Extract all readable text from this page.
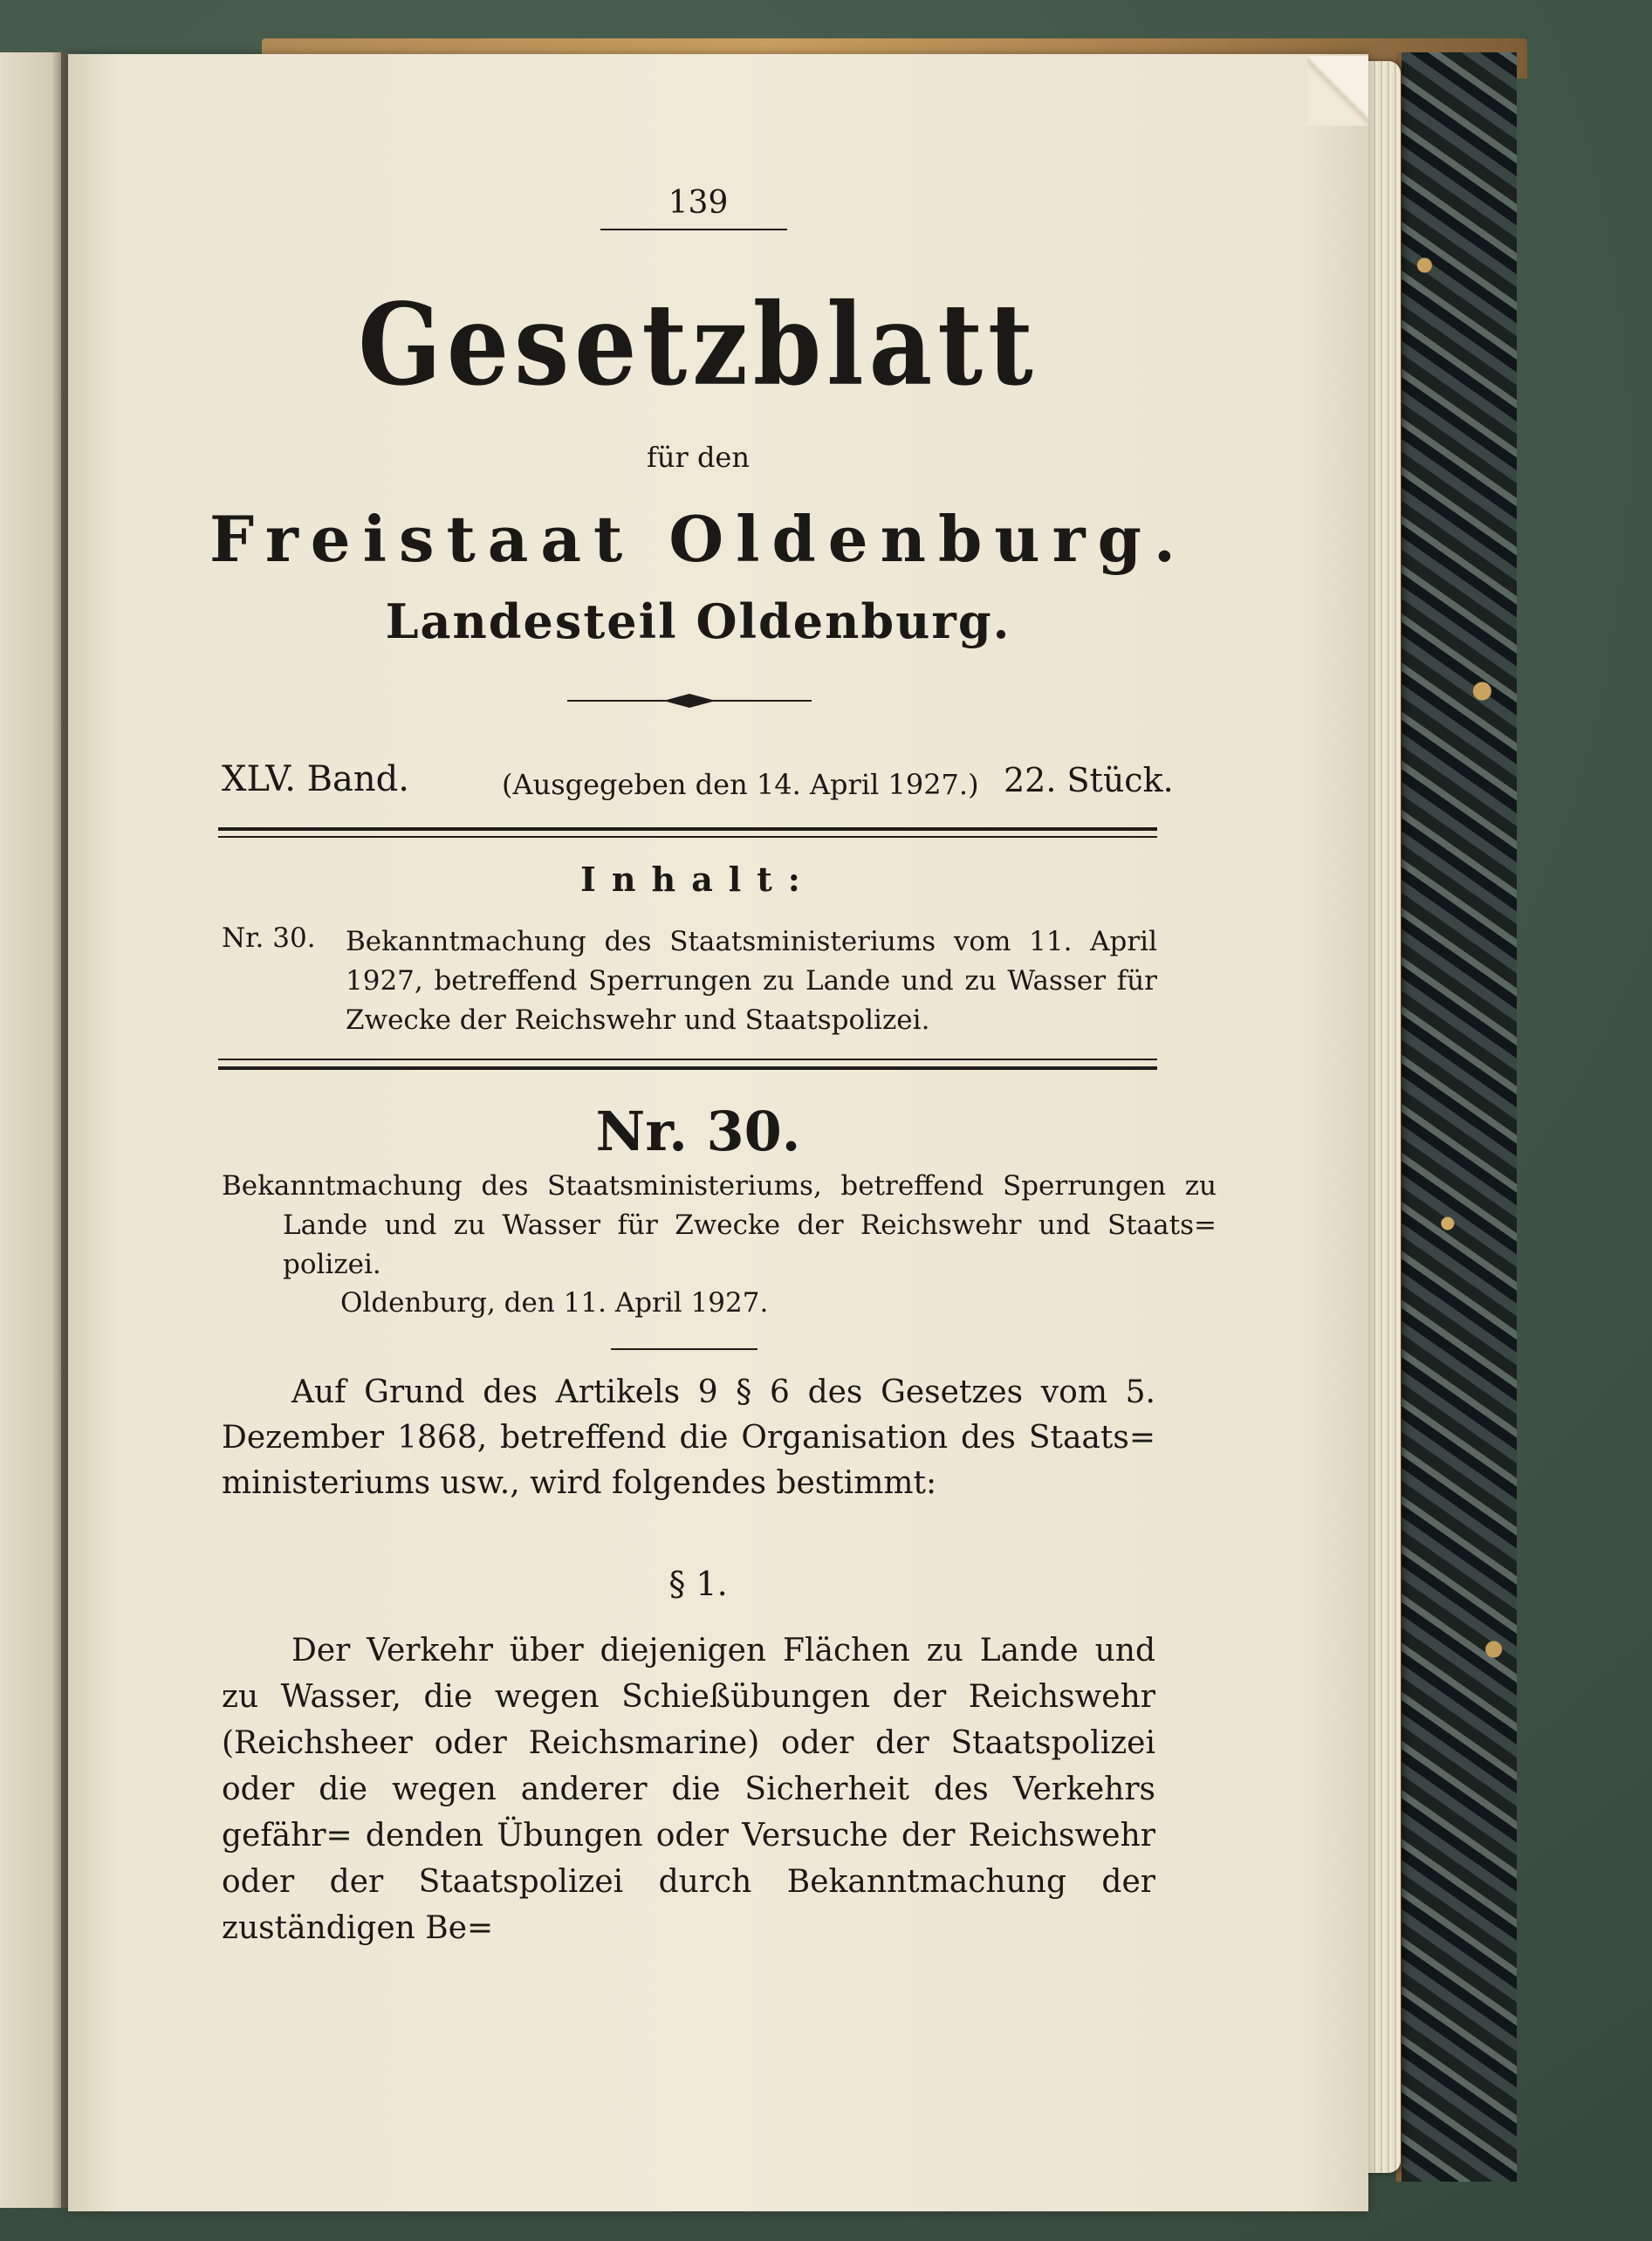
139
Gesetzblatt
für den
Freistaat Oldenburg.
Landesteil Oldenburg.
XLV. Band.	(Ausgegeben den 14. April 1927.) 22. Stück.
Inhalt:
Nr. 30. Bekanntmachung des Staatsministeriums vom 11. April 1927, betreffend Sperrungen zu Lande und zu Wasser für Zwecke der Reichswehr und Staatspolizei.
Nr. 30.
Bekanntmachung des Staatsministeriums, betreffend Sperrungen zu Lande und zu Wasser für Zwecke der Reichswehr und Staats= polizei.
Oldenburg, den 11. April 1927.
Auf Grund des Artikels 9 § 6 des Gesetzes vom 5. Dezember 1868, betreffend die Organisation des Staats= ministeriums usw., wird folgendes bestimmt:
§ 1.
Der Verkehr über diejenigen Flächen zu Lande und zu Wasser, die wegen Schießübungen der Reichswehr (Reichsheer oder Reichsmarine) oder der Staatspolizei oder die wegen anderer die Sicherheit des Verkehrs gefähr= denden Übungen oder Versuche der Reichswehr oder der Staatspolizei durch Bekanntmachung der zuständigen Be=
